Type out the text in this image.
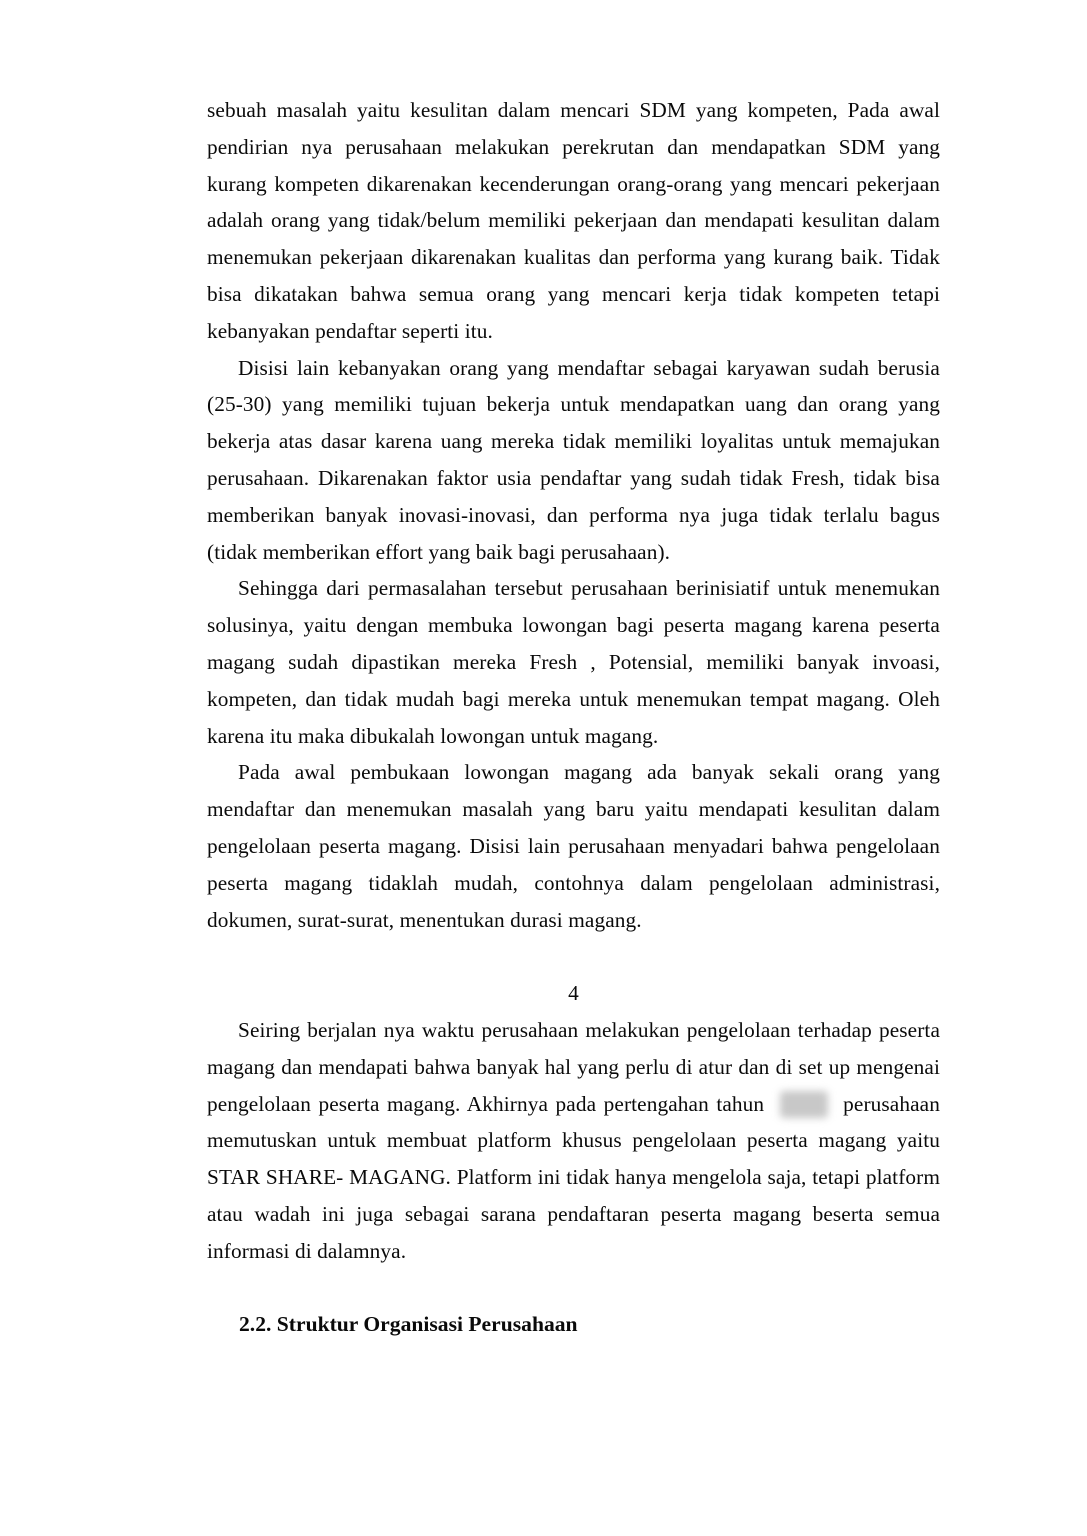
sebuah masalah yaitu kesulitan dalam mencari SDM yang kompeten, Pada awal pendirian nya perusahaan melakukan perekrutan dan mendapatkan SDM yang kurang kompeten dikarenakan kecenderungan orang-orang yang mencari pekerjaan adalah orang yang tidak/belum memiliki pekerjaan dan mendapati kesulitan dalam menemukan pekerjaan dikarenakan kualitas dan performa yang kurang baik. Tidak bisa dikatakan bahwa semua orang yang mencari kerja tidak kompeten tetapi kebanyakan pendaftar seperti itu.

Disisi lain kebanyakan orang yang mendaftar sebagai karyawan sudah berusia (25-30) yang memiliki tujuan bekerja untuk mendapatkan uang dan orang yang bekerja atas dasar karena uang mereka tidak memiliki loyalitas untuk memajukan perusahaan. Dikarenakan faktor usia pendaftar yang sudah tidak Fresh, tidak bisa memberikan banyak inovasi-inovasi, dan performa nya juga tidak terlalu bagus (tidak memberikan effort yang baik bagi perusahaan).

Sehingga dari permasalahan tersebut perusahaan berinisiatif untuk menemukan solusinya, yaitu dengan membuka lowongan bagi peserta magang karena peserta magang sudah dipastikan mereka Fresh , Potensial, memiliki banyak invoasi, kompeten, dan tidak mudah bagi mereka untuk menemukan tempat magang. Oleh karena itu maka dibukalah lowongan untuk magang.

Pada awal pembukaan lowongan magang ada banyak sekali orang yang mendaftar dan menemukan masalah yang baru yaitu mendapati kesulitan dalam pengelolaan peserta magang. Disisi lain perusahaan menyadari bahwa pengelolaan peserta magang tidaklah mudah, contohnya dalam pengelolaan administrasi, dokumen, surat-surat, menentukan durasi magang.

4

Seiring berjalan nya waktu perusahaan melakukan pengelolaan terhadap peserta magang dan mendapati bahwa banyak hal yang perlu di atur dan di set up mengenai pengelolaan peserta magang. Akhirnya pada pertengahan tahun	perusahaan memutuskan untuk membuat platform khusus pengelolaan peserta magang yaitu STAR SHARE- MAGANG. Platform ini tidak hanya mengelola saja, tetapi platform atau wadah ini juga sebagai sarana pendaftaran peserta magang beserta semua informasi di dalamnya.

2.2. Struktur Organisasi Perusahaan
